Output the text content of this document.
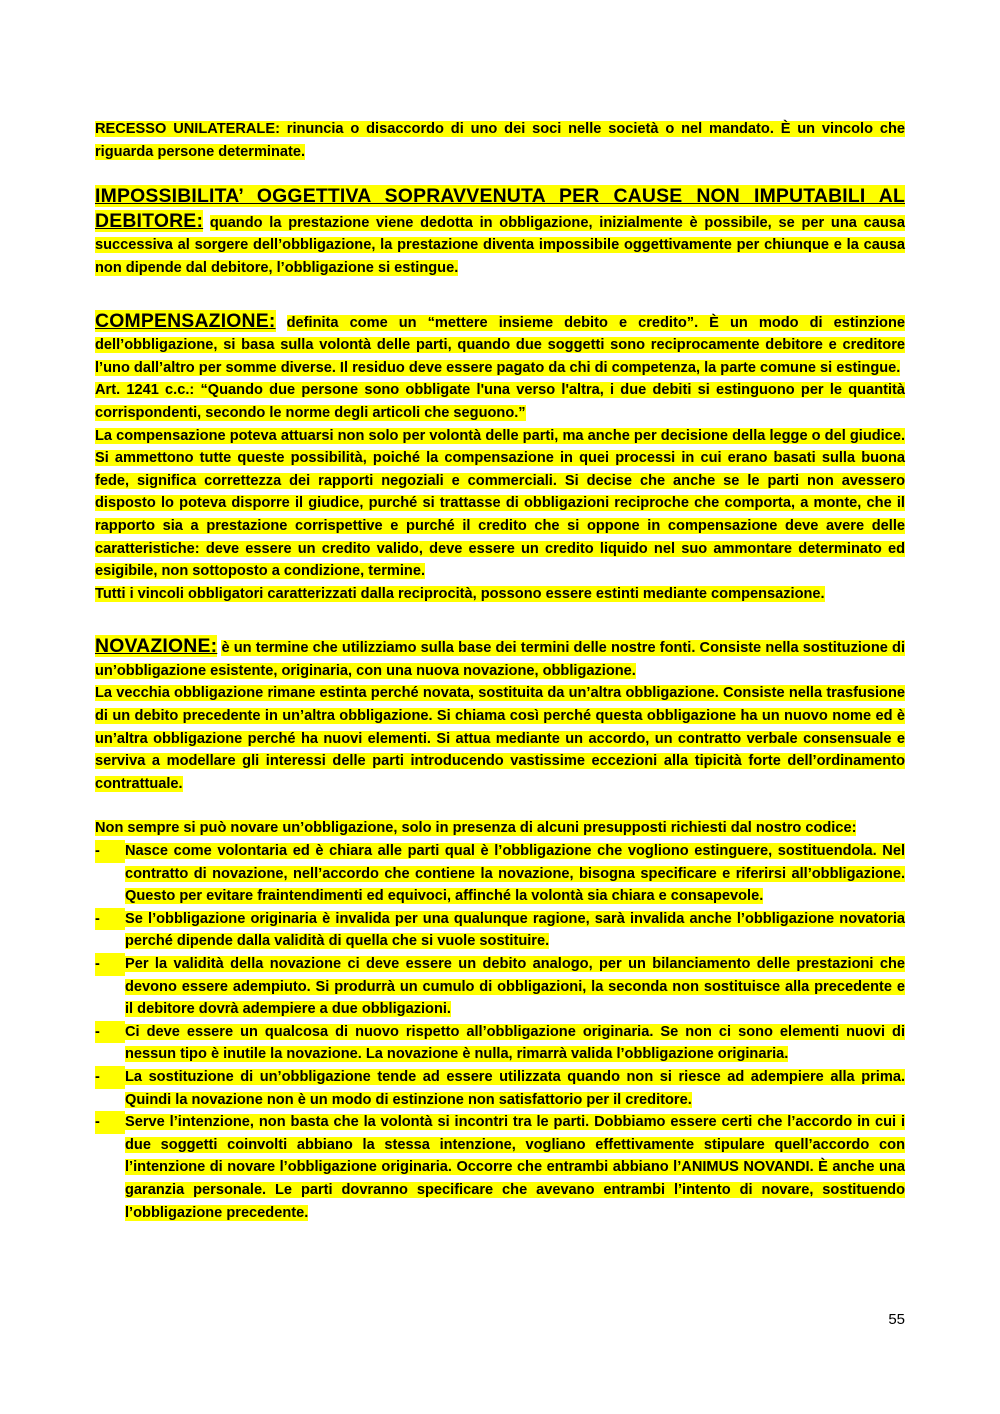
RECESSO UNILATERALE: rinuncia o disaccordo di uno dei soci nelle società o nel mandato. È un vincolo che riguarda persone determinate.

IMPOSSIBILITA’ OGGETTIVA SOPRAVVENUTA PER CAUSE NON IMPUTABILI AL DEBITORE: quando la prestazione viene dedotta in obbligazione, inizialmente è possibile, se per una causa successiva al sorgere dell’obbligazione, la prestazione diventa impossibile oggettivamente per chiunque e la causa non dipende dal debitore, l’obbligazione si estingue.

COMPENSAZIONE: definita come un “mettere insieme debito e credito”. È un modo di estinzione dell’obbligazione, si basa sulla volontà delle parti, quando due soggetti sono reciprocamente debitore e creditore l’uno dall’altro per somme diverse. Il residuo deve essere pagato da chi di competenza, la parte comune si estingue.

Art. 1241 c.c.: “Quando due persone sono obbligate l'una verso l'altra, i due debiti si estinguono per le quantità corrispondenti, secondo le norme degli articoli che seguono.”

La compensazione poteva attuarsi non solo per volontà delle parti, ma anche per decisione della legge o del giudice. Si ammettono tutte queste possibilità, poiché la compensazione in quei processi in cui erano basati sulla buona fede, significa correttezza dei rapporti negoziali e commerciali. Si decise che anche se le parti non avessero disposto lo poteva disporre il giudice, purché si trattasse di obbligazioni reciproche che comporta, a monte, che il rapporto sia a prestazione corrispettive e purché il credito che si oppone in compensazione deve avere delle caratteristiche: deve essere un credito valido, deve essere un credito liquido nel suo ammontare determinato ed esigibile, non sottoposto a condizione, termine.

Tutti i vincoli obbligatori caratterizzati dalla reciprocità, possono essere estinti mediante compensazione.

NOVAZIONE: è un termine che utilizziamo sulla base dei termini delle nostre fonti. Consiste nella sostituzione di un’obbligazione esistente, originaria, con una nuova novazione, obbligazione.

La vecchia obbligazione rimane estinta perché novata, sostituita da un’altra obbligazione. Consiste nella trasfusione di un debito precedente in un’altra obbligazione. Si chiama così perché questa obbligazione ha un nuovo nome ed è un’altra obbligazione perché ha nuovi elementi. Si attua mediante un accordo, un contratto verbale consensuale e serviva a modellare gli interessi delle parti introducendo vastissime eccezioni alla tipicità forte dell’ordinamento contrattuale.

Non sempre si può novare un’obbligazione, solo in presenza di alcuni presupposti richiesti dal nostro codice:

-	Nasce come volontaria ed è chiara alle parti qual è l’obbligazione che vogliono estinguere, sostituendola. Nel contratto di novazione, nell’accordo che contiene la novazione, bisogna specificare e riferirsi all’obbligazione. Questo per evitare fraintendimenti ed equivoci, affinché la volontà sia chiara e consapevole.
-	Se l’obbligazione originaria è invalida per una qualunque ragione, sarà invalida anche l’obbligazione novatoria perché dipende dalla validità di quella che si vuole sostituire.
-	Per la validità della novazione ci deve essere un debito analogo, per un bilanciamento delle prestazioni che devono essere adempiuto. Si produrrà un cumulo di obbligazioni, la seconda non sostituisce alla precedente e il debitore dovrà adempiere a due obbligazioni.
-	Ci deve essere un qualcosa di nuovo rispetto all’obbligazione originaria. Se non ci sono elementi nuovi di nessun tipo è inutile la novazione. La novazione è nulla, rimarrà valida l’obbligazione originaria.
-	La sostituzione di un’obbligazione tende ad essere utilizzata quando non si riesce ad adempiere alla prima. Quindi la novazione non è un modo di estinzione non satisfattorio per il creditore.
-	Serve l’intenzione, non basta che la volontà si incontri tra le parti. Dobbiamo essere certi che l’accordo in cui i due soggetti coinvolti abbiano la stessa intenzione, vogliano effettivamente stipulare quell’accordo con l’intenzione di novare l’obbligazione originaria. Occorre che entrambi abbiano l’ANIMUS NOVANDI. È anche una garanzia personale. Le parti dovranno specificare che avevano entrambi l’intento di novare, sostituendo l’obbligazione precedente.
55
